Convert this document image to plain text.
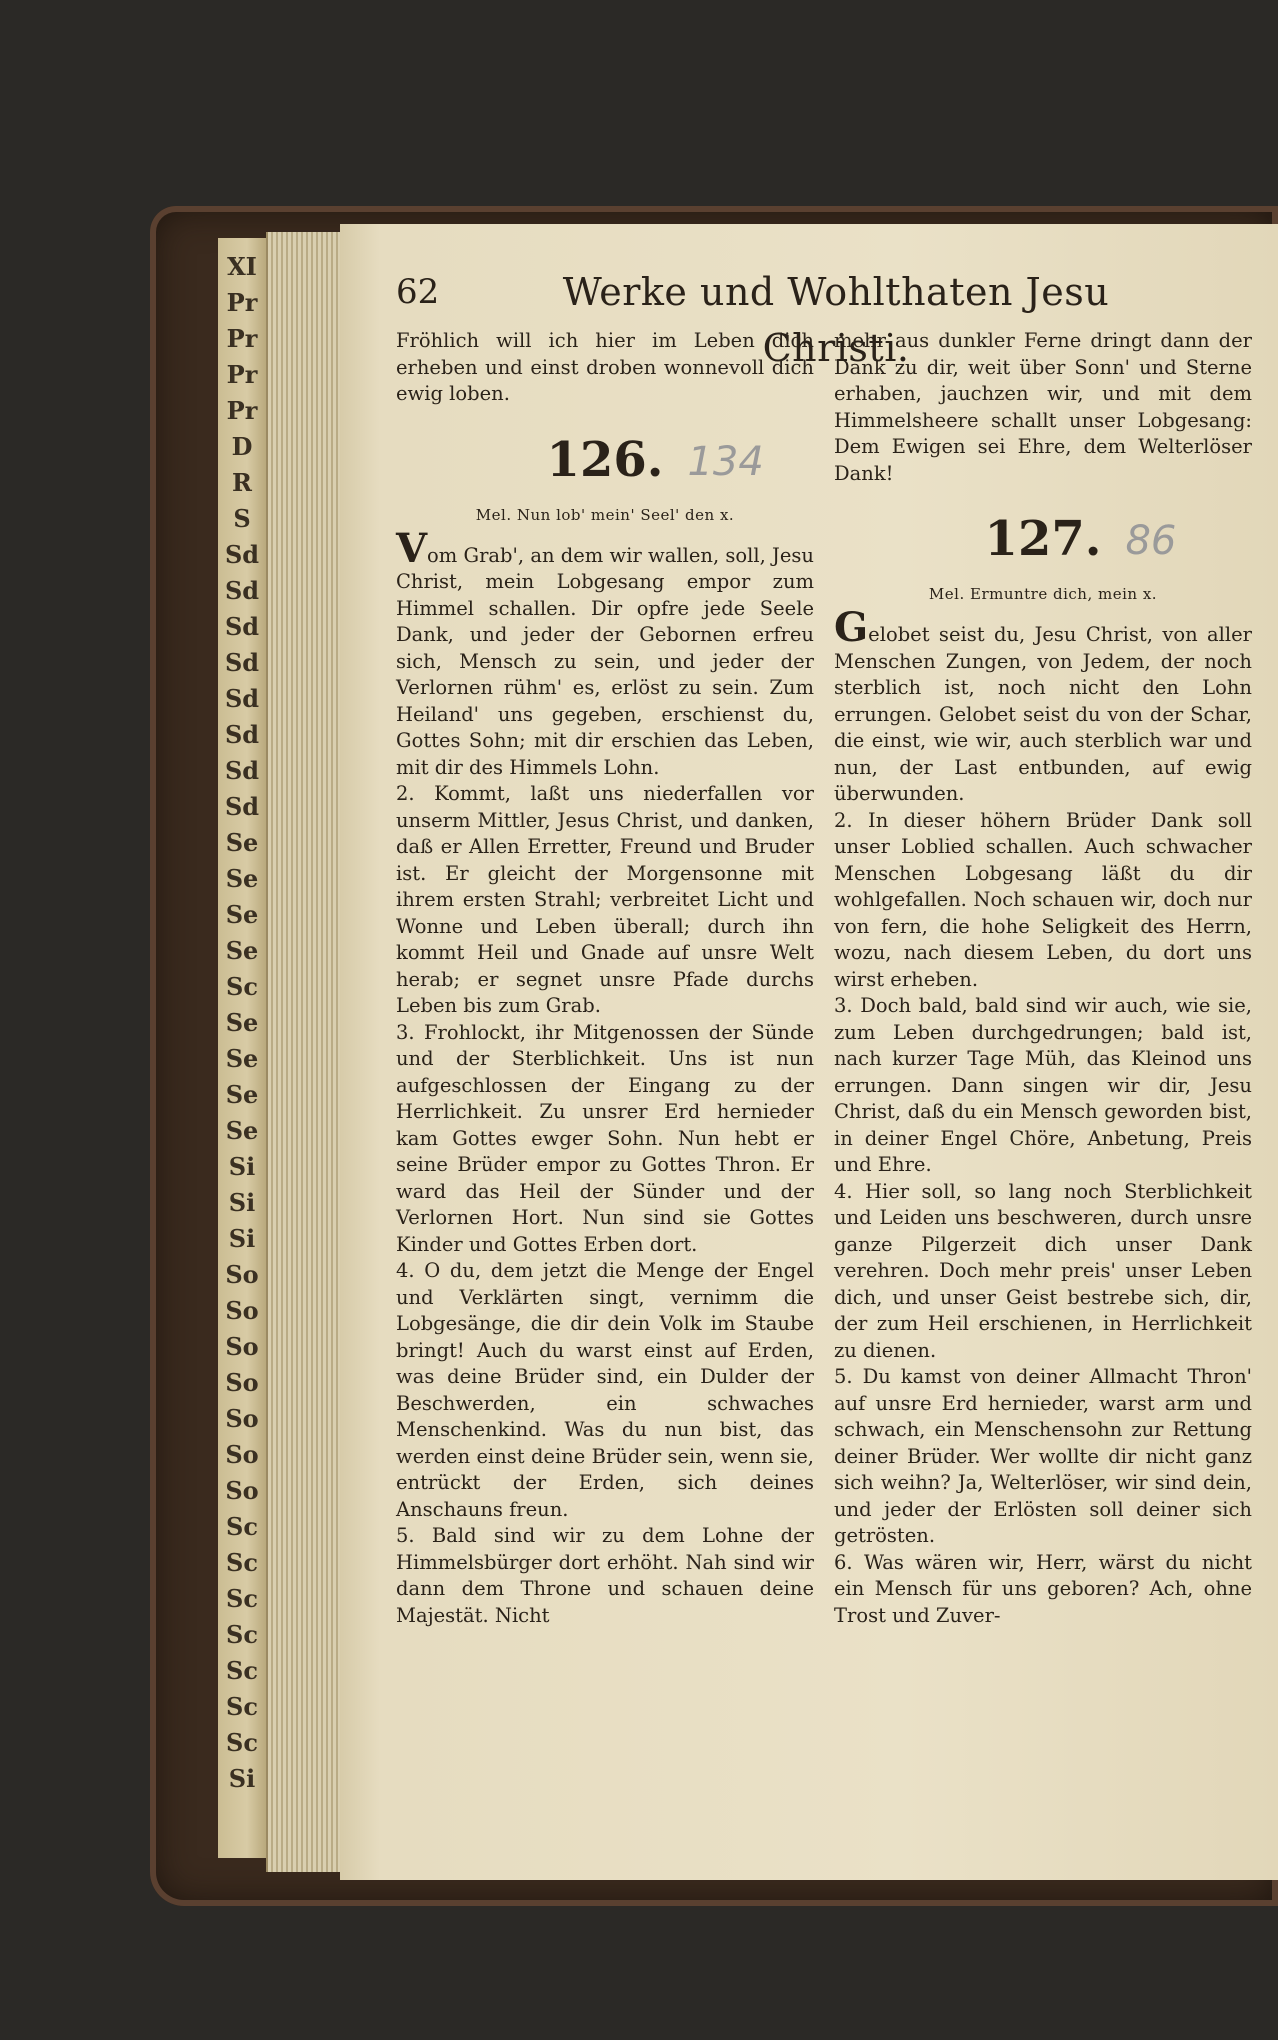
XI
Pr
Pr
Pr
Pr
D
R
S
Sd
Sd
Sd
Sd
Sd
Sd
Sd
Sd
Se
Se
Se
Se
Sc
Se
Se
Se
Se
Si
Si
Si
So
So
So
So
So
So
So
Sc
Sc
Sc
Sc
Sc
Sc
Sc
Si
62	Werke und Wohlthaten Jesu Christi.

Fröhlich will ich hier im Leben dich erheben und einst droben wonnevoll dich ewig loben.

126. 134

Mel. Nun lob' mein' Seel' den x.

Vom Grab', an dem wir wallen, soll, Jesu Christ, mein Lobgesang empor zum Himmel schallen. Dir opfre jede Seele Dank, und jeder der Gebornen erfreu sich, Mensch zu sein, und jeder der Verlornen rühm' es, erlöst zu sein. Zum Heiland' uns gegeben, erschienst du, Gottes Sohn; mit dir erschien das Leben, mit dir des Himmels Lohn.

2. Kommt, laßt uns niederfallen vor unserm Mittler, Jesus Christ, und danken, daß er Allen Erretter, Freund und Bruder ist. Er gleicht der Morgensonne mit ihrem ersten Strahl; verbreitet Licht und Wonne und Leben überall; durch ihn kommt Heil und Gnade auf unsre Welt herab; er segnet unsre Pfade durchs Leben bis zum Grab.

3. Frohlockt, ihr Mitgenossen der Sünde und der Sterblichkeit. Uns ist nun aufgeschlossen der Eingang zu der Herrlichkeit. Zu unsrer Erd hernieder kam Gottes ewger Sohn. Nun hebt er seine Brüder empor zu Gottes Thron. Er ward das Heil der Sünder und der Verlornen Hort. Nun sind sie Gottes Kinder und Gottes Erben dort.

4. O du, dem jetzt die Menge der Engel und Verklärten singt, vernimm die Lobgesänge, die dir dein Volk im Staube bringt! Auch du warst einst auf Erden, was deine Brüder sind, ein Dulder der Beschwerden, ein schwaches Menschenkind. Was du nun bist, das werden einst deine Brüder sein, wenn sie, entrückt der Erden, sich deines Anschauns freun.

5. Bald sind wir zu dem Lohne der Himmelsbürger dort erhöht. Nah sind wir dann dem Throne und schauen deine Majestät. Nicht

mehr aus dunkler Ferne dringt dann der Dank zu dir, weit über Sonn' und Sterne erhaben, jauchzen wir, und mit dem Himmelsheere schallt unser Lobgesang: Dem Ewigen sei Ehre, dem Welterlöser Dank!

127. 86

Mel. Ermuntre dich, mein x.

Gelobet seist du, Jesu Christ, von aller Menschen Zungen, von Jedem, der noch sterblich ist, noch nicht den Lohn errungen. Gelobet seist du von der Schar, die einst, wie wir, auch sterblich war und nun, der Last entbunden, auf ewig überwunden.

2. In dieser höhern Brüder Dank soll unser Loblied schallen. Auch schwacher Menschen Lobgesang läßt du dir wohlgefallen. Noch schauen wir, doch nur von fern, die hohe Seligkeit des Herrn, wozu, nach diesem Leben, du dort uns wirst erheben.

3. Doch bald, bald sind wir auch, wie sie, zum Leben durchgedrungen; bald ist, nach kurzer Tage Müh, das Kleinod uns errungen. Dann singen wir dir, Jesu Christ, daß du ein Mensch geworden bist, in deiner Engel Chöre, Anbetung, Preis und Ehre.

4. Hier soll, so lang noch Sterblichkeit und Leiden uns beschweren, durch unsre ganze Pilgerzeit dich unser Dank verehren. Doch mehr preis' unser Leben dich, und unser Geist bestrebe sich, dir, der zum Heil erschienen, in Herrlichkeit zu dienen.

5. Du kamst von deiner Allmacht Thron' auf unsre Erd hernieder, warst arm und schwach, ein Menschensohn zur Rettung deiner Brüder. Wer wollte dir nicht ganz sich weihn? Ja, Welterlöser, wir sind dein, und jeder der Erlösten soll deiner sich getrösten.

6. Was wären wir, Herr, wärst du nicht ein Mensch für uns geboren? Ach, ohne Trost und Zuver-
